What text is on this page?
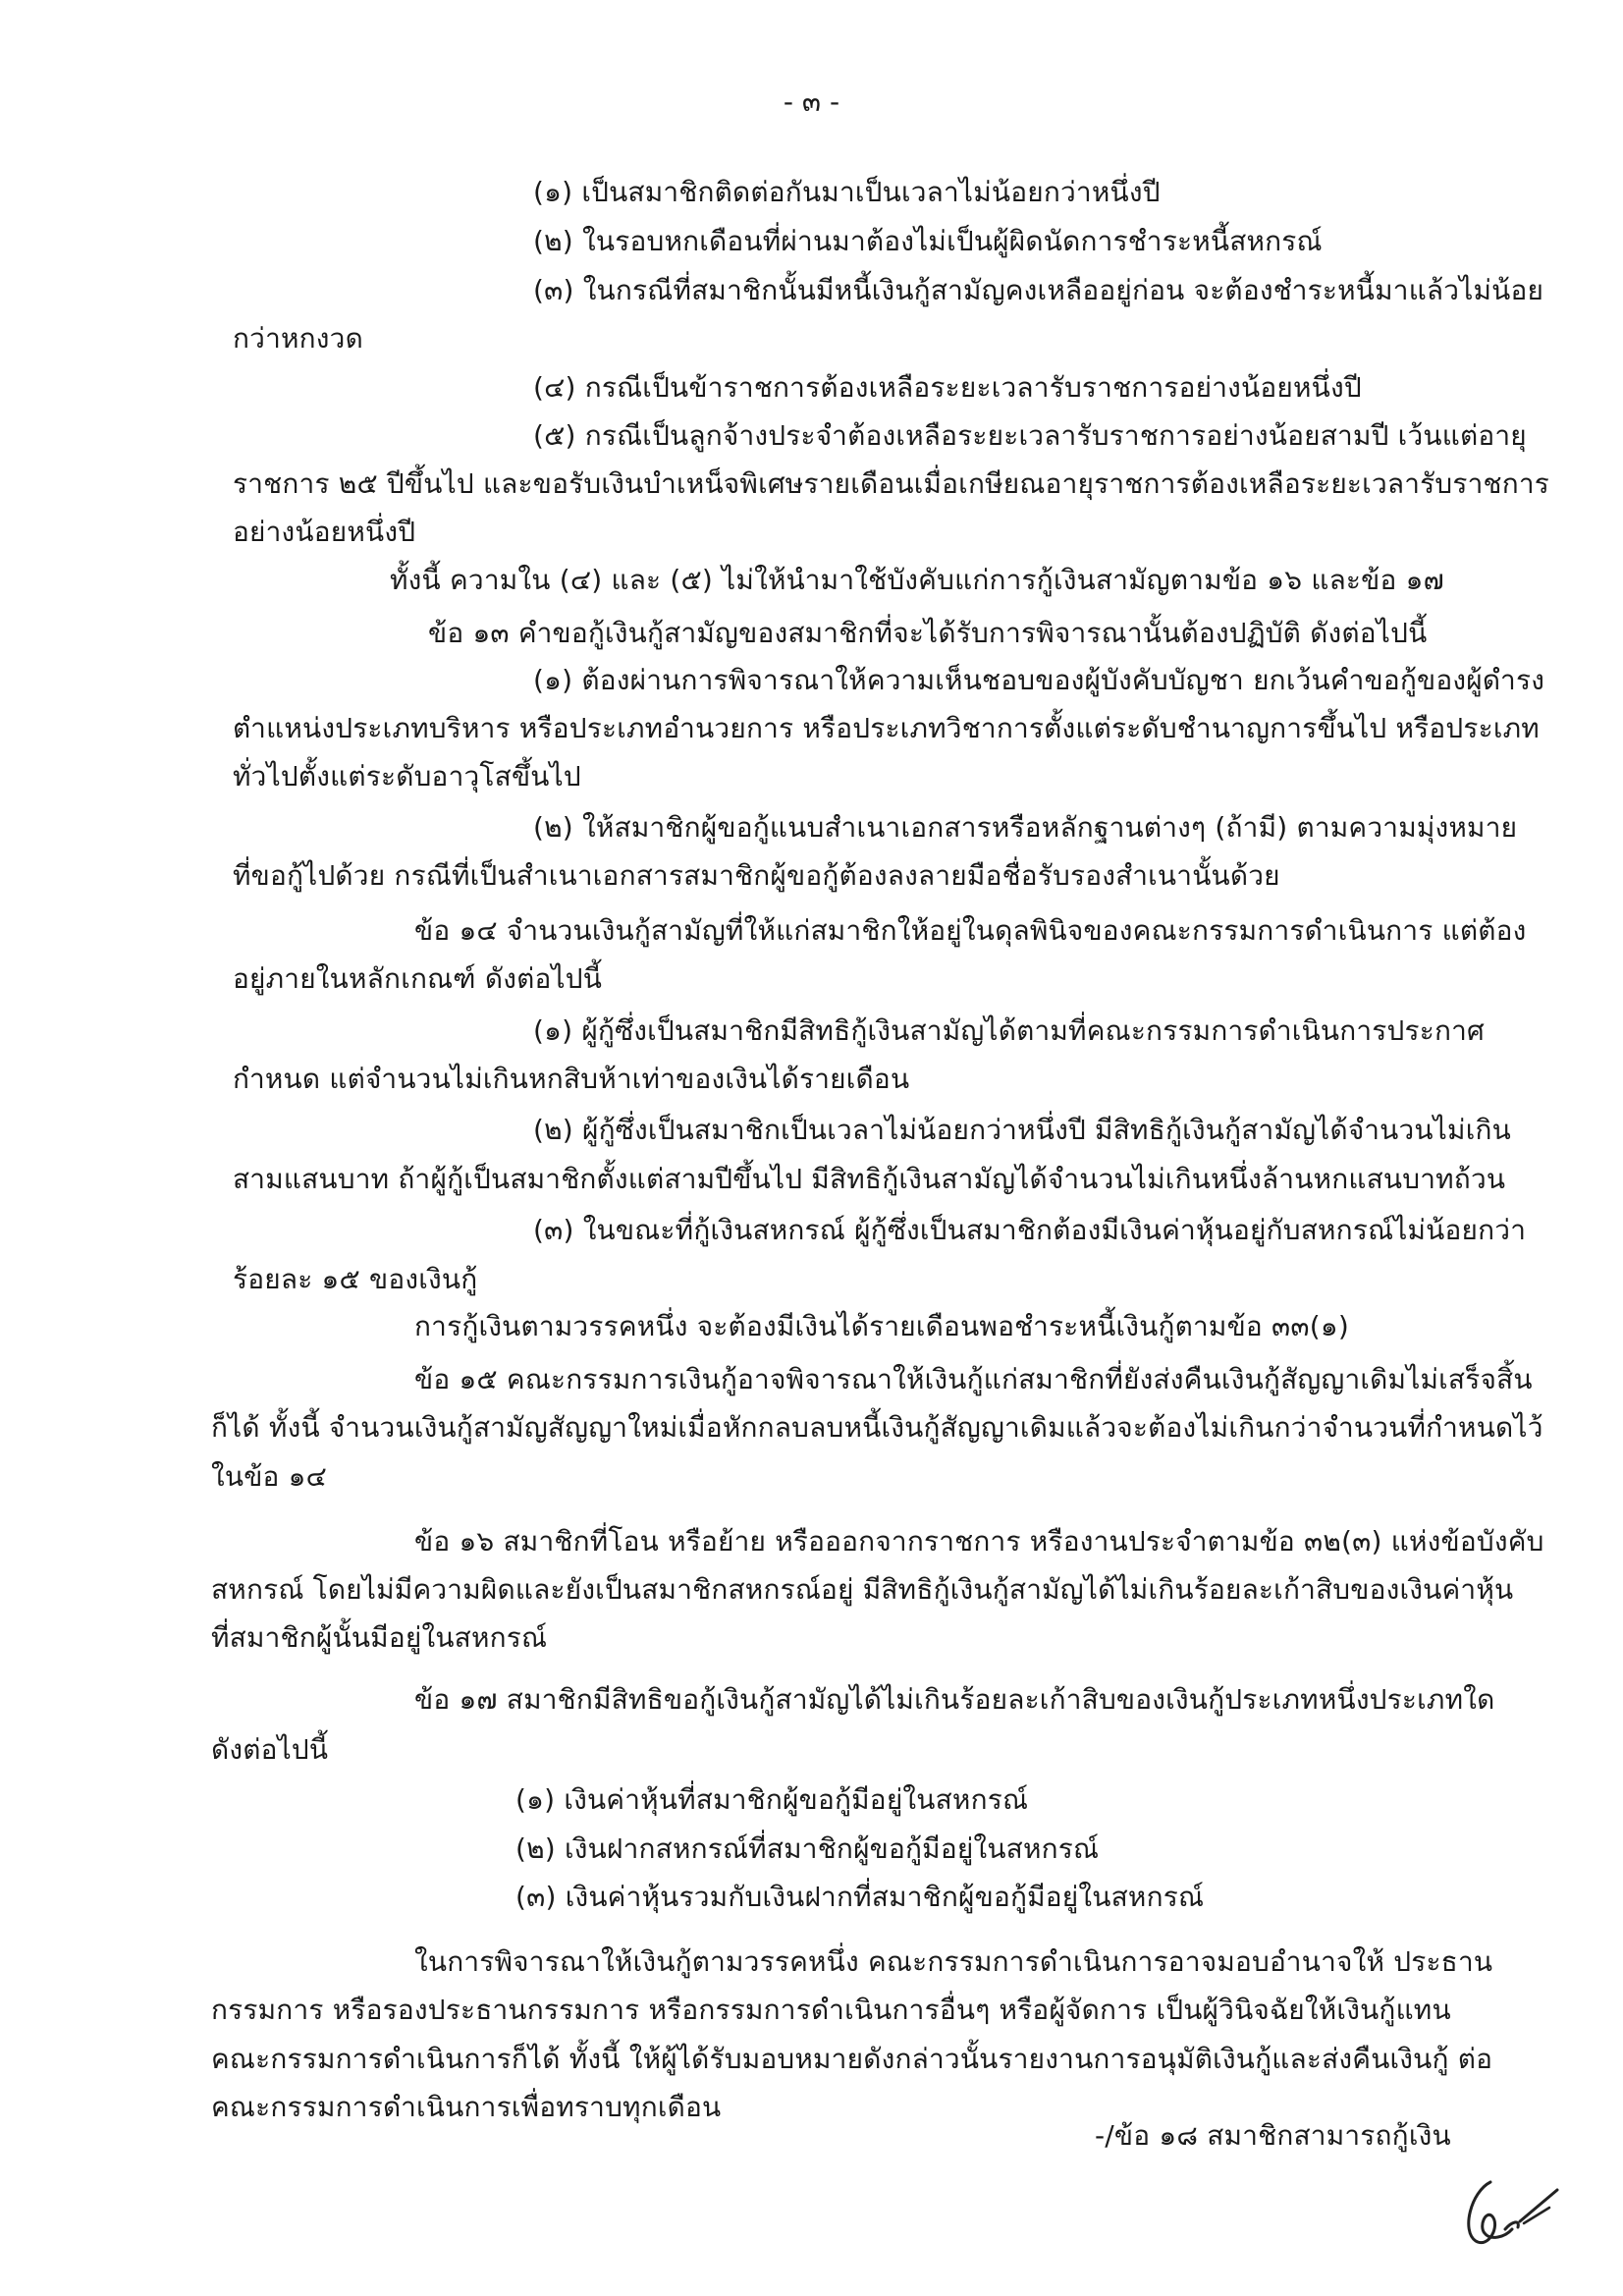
- ๓ -
(๑) เป็นสมาชิกติดต่อกันมาเป็นเวลาไม่น้อยกว่าหนึ่งปี
(๒) ในรอบหกเดือนที่ผ่านมาต้องไม่เป็นผู้ผิดนัดการชำระหนี้สหกรณ์
(๓) ในกรณีที่สมาชิกนั้นมีหนี้เงินกู้สามัญคงเหลืออยู่ก่อน จะต้องชำระหนี้มาแล้วไม่น้อย
กว่าหกงวด
(๔) กรณีเป็นข้าราชการต้องเหลือระยะเวลารับราชการอย่างน้อยหนึ่งปี
(๕) กรณีเป็นลูกจ้างประจำต้องเหลือระยะเวลารับราชการอย่างน้อยสามปี เว้นแต่อายุ
ราชการ ๒๕ ปีขึ้นไป และขอรับเงินบำเหน็จพิเศษรายเดือนเมื่อเกษียณอายุราชการต้องเหลือระยะเวลารับราชการ
อย่างน้อยหนึ่งปี
ทั้งนี้ ความใน (๔) และ (๕) ไม่ให้นำมาใช้บังคับแก่การกู้เงินสามัญตามข้อ ๑๖ และข้อ ๑๗
ข้อ ๑๓ คำขอกู้เงินกู้สามัญของสมาชิกที่จะได้รับการพิจารณานั้นต้องปฏิบัติ ดังต่อไปนี้
(๑) ต้องผ่านการพิจารณาให้ความเห็นชอบของผู้บังคับบัญชา ยกเว้นคำขอกู้ของผู้ดำรง
ตำแหน่งประเภทบริหาร หรือประเภทอำนวยการ หรือประเภทวิชาการตั้งแต่ระดับชำนาญการขึ้นไป หรือประเภท
ทั่วไปตั้งแต่ระดับอาวุโสขึ้นไป
(๒) ให้สมาชิกผู้ขอกู้แนบสำเนาเอกสารหรือหลักฐานต่างๆ (ถ้ามี) ตามความมุ่งหมาย
ที่ขอกู้ไปด้วย กรณีที่เป็นสำเนาเอกสารสมาชิกผู้ขอกู้ต้องลงลายมือชื่อรับรองสำเนานั้นด้วย
ข้อ ๑๔ จำนวนเงินกู้สามัญที่ให้แก่สมาชิกให้อยู่ในดุลพินิจของคณะกรรมการดำเนินการ แต่ต้อง
อยู่ภายในหลักเกณฑ์ ดังต่อไปนี้
(๑) ผู้กู้ซึ่งเป็นสมาชิกมีสิทธิกู้เงินสามัญได้ตามที่คณะกรรมการดำเนินการประกาศ
กำหนด แต่จำนวนไม่เกินหกสิบห้าเท่าของเงินได้รายเดือน
(๒) ผู้กู้ซึ่งเป็นสมาชิกเป็นเวลาไม่น้อยกว่าหนึ่งปี มีสิทธิกู้เงินกู้สามัญได้จำนวนไม่เกิน
สามแสนบาท ถ้าผู้กู้เป็นสมาชิกตั้งแต่สามปีขึ้นไป มีสิทธิกู้เงินสามัญได้จำนวนไม่เกินหนึ่งล้านหกแสนบาทถ้วน
(๓) ในขณะที่กู้เงินสหกรณ์ ผู้กู้ซึ่งเป็นสมาชิกต้องมีเงินค่าหุ้นอยู่กับสหกรณ์ไม่น้อยกว่า
ร้อยละ ๑๕ ของเงินกู้
การกู้เงินตามวรรคหนึ่ง จะต้องมีเงินได้รายเดือนพอชำระหนี้เงินกู้ตามข้อ ๓๓(๑)
ข้อ ๑๕ คณะกรรมการเงินกู้อาจพิจารณาให้เงินกู้แก่สมาชิกที่ยังส่งคืนเงินกู้สัญญาเดิมไม่เสร็จสิ้น
ก็ได้ ทั้งนี้ จำนวนเงินกู้สามัญสัญญาใหม่เมื่อหักกลบลบหนี้เงินกู้สัญญาเดิมแล้วจะต้องไม่เกินกว่าจำนวนที่กำหนดไว้
ในข้อ ๑๔
ข้อ ๑๖ สมาชิกที่โอน หรือย้าย หรือออกจากราชการ หรืองานประจำตามข้อ ๓๒(๓) แห่งข้อบังคับ
สหกรณ์ โดยไม่มีความผิดและยังเป็นสมาชิกสหกรณ์อยู่ มีสิทธิกู้เงินกู้สามัญได้ไม่เกินร้อยละเก้าสิบของเงินค่าหุ้น
ที่สมาชิกผู้นั้นมีอยู่ในสหกรณ์
ข้อ ๑๗ สมาชิกมีสิทธิขอกู้เงินกู้สามัญได้ไม่เกินร้อยละเก้าสิบของเงินกู้ประเภทหนึ่งประเภทใด
ดังต่อไปนี้
(๑) เงินค่าหุ้นที่สมาชิกผู้ขอกู้มีอยู่ในสหกรณ์
(๒) เงินฝากสหกรณ์ที่สมาชิกผู้ขอกู้มีอยู่ในสหกรณ์
(๓) เงินค่าหุ้นรวมกับเงินฝากที่สมาชิกผู้ขอกู้มีอยู่ในสหกรณ์
ในการพิจารณาให้เงินกู้ตามวรรคหนึ่ง คณะกรรมการดำเนินการอาจมอบอำนาจให้ ประธาน
กรรมการ หรือรองประธานกรรมการ หรือกรรมการดำเนินการอื่นๆ หรือผู้จัดการ เป็นผู้วินิจฉัยให้เงินกู้แทน
คณะกรรมการดำเนินการก็ได้ ทั้งนี้ ให้ผู้ได้รับมอบหมายดังกล่าวนั้นรายงานการอนุมัติเงินกู้และส่งคืนเงินกู้ ต่อ
คณะกรรมการดำเนินการเพื่อทราบทุกเดือน
-/ข้อ ๑๘ สมาชิกสามารถกู้เงิน
